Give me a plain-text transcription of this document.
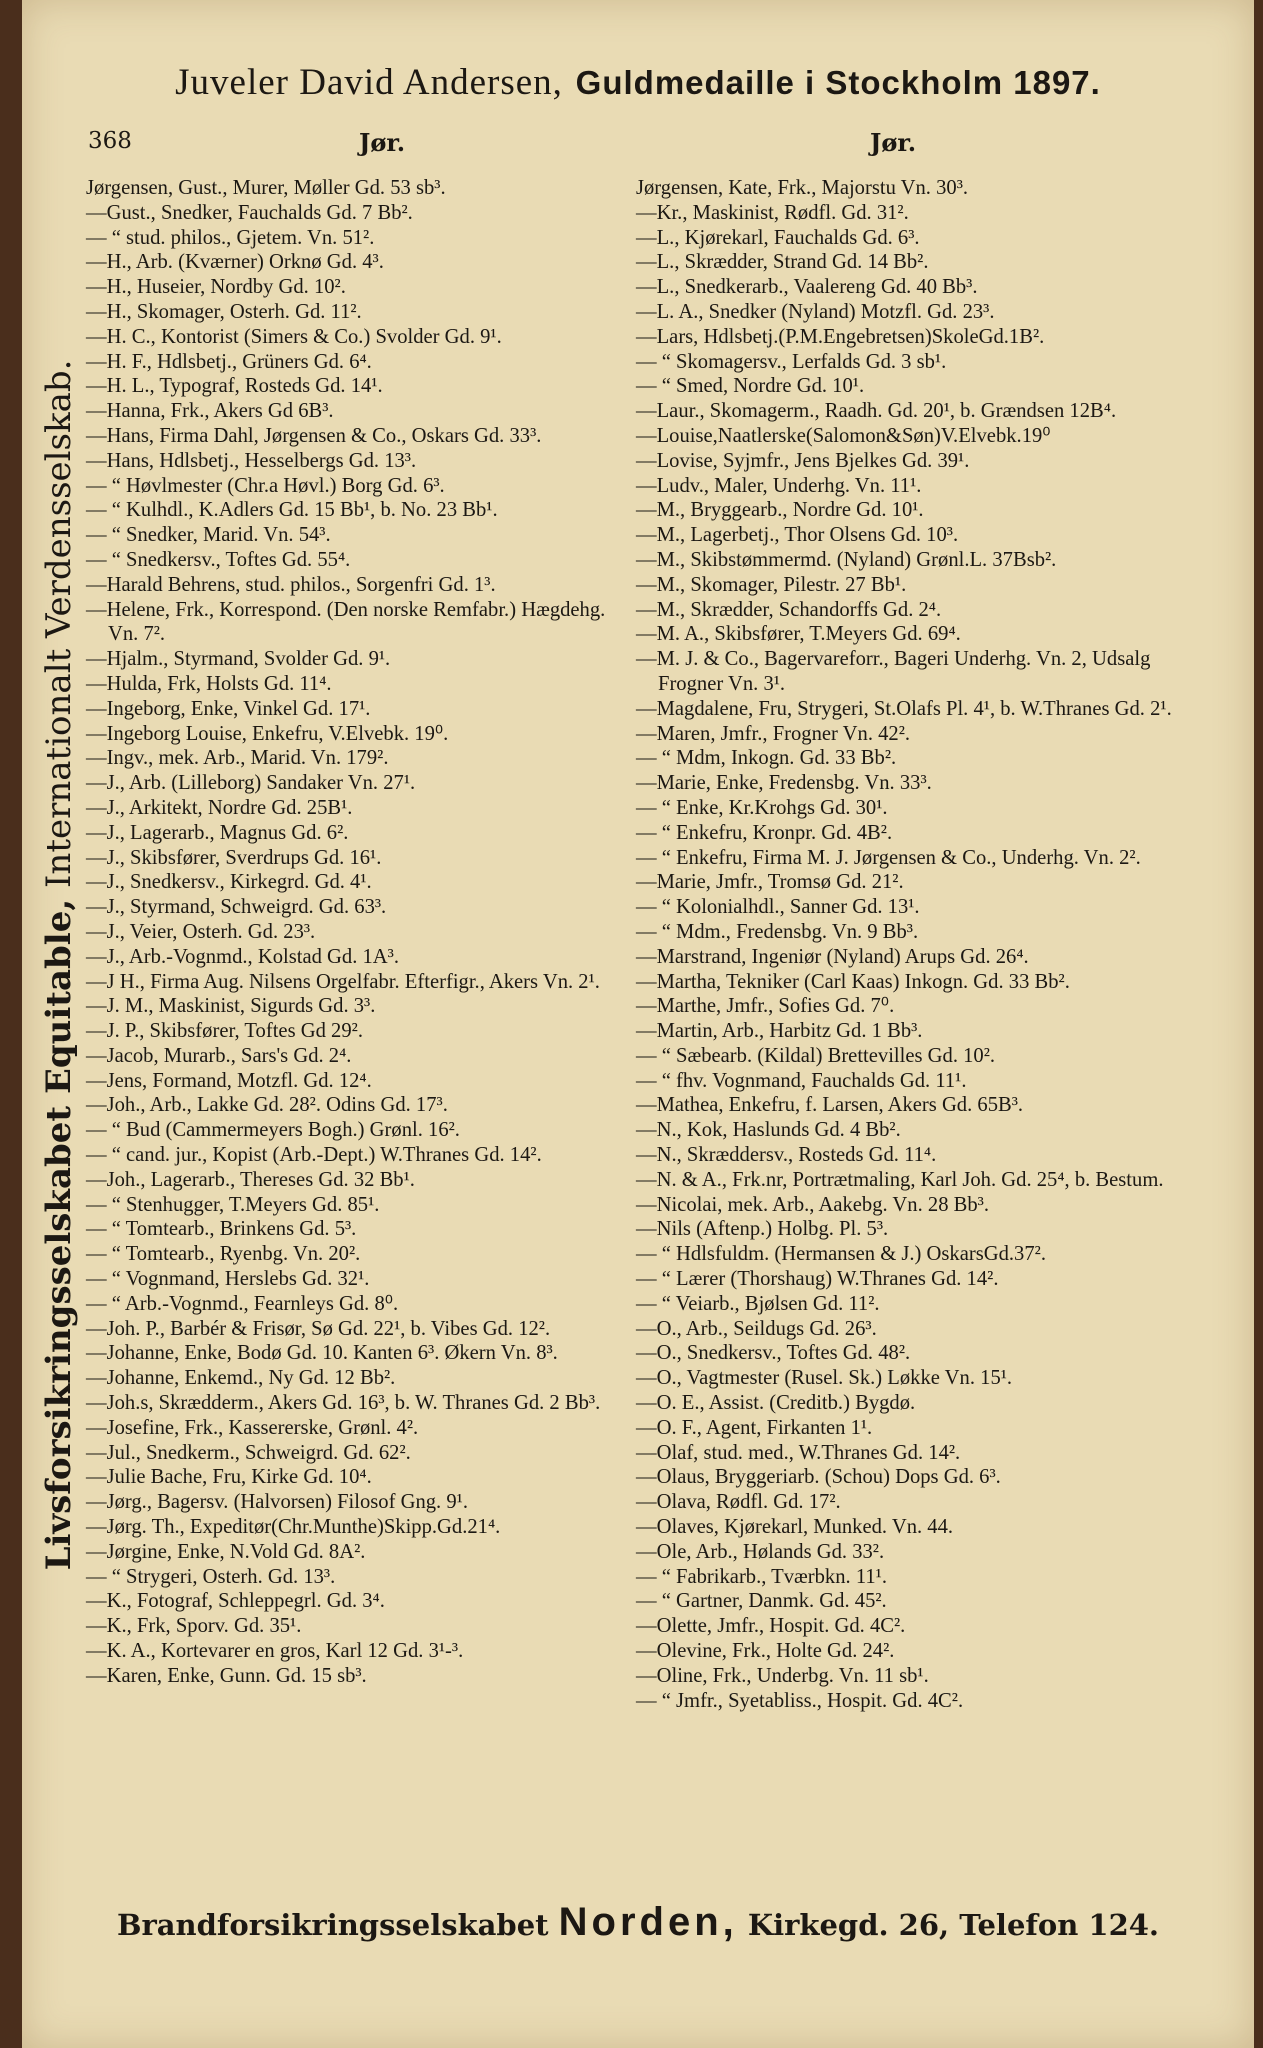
Juveler David Andersen, Guldmedaille i Stockholm 1897.
368	Jør.	Jør.
Livsforsikringsselskabet Equitable, Internationalt Verdensselskab.
Jørgensen, Gust., Murer, Møller Gd. 53 sb³.
—Gust., Snedker, Fauchalds Gd. 7 Bb².
— “ stud. philos., Gjetem. Vn. 51².
—H., Arb. (Kværner) Orknø Gd. 4³.
—H., Huseier, Nordby Gd. 10².
—H., Skomager, Osterh. Gd. 11².
—H. C., Kontorist (Simers & Co.) Svolder Gd. 9¹.
—H. F., Hdlsbetj., Grüners Gd. 6⁴.
—H. L., Typograf, Rosteds Gd. 14¹.
—Hanna, Frk., Akers Gd 6B³.
—Hans, Firma Dahl, Jørgensen & Co., Oskars Gd. 33³.
—Hans, Hdlsbetj., Hesselbergs Gd. 13³.
— “ Høvlmester (Chr.a Høvl.) Borg Gd. 6³.
— “ Kulhdl., K.Adlers Gd. 15 Bb¹, b. No. 23 Bb¹.
— “ Snedker, Marid. Vn. 54³.
— “ Snedkersv., Toftes Gd. 55⁴.
—Harald Behrens, stud. philos., Sorgenfri Gd. 1³.
—Helene, Frk., Korrespond. (Den norske Remfabr.) Hægdehg. Vn. 7².
—Hjalm., Styrmand, Svolder Gd. 9¹.
—Hulda, Frk, Holsts Gd. 11⁴.
—Ingeborg, Enke, Vinkel Gd. 17¹.
—Ingeborg Louise, Enkefru, V.Elvebk. 19⁰.
—Ingv., mek. Arb., Marid. Vn. 179².
—J., Arb. (Lilleborg) Sandaker Vn. 27¹.
—J., Arkitekt, Nordre Gd. 25B¹.
—J., Lagerarb., Magnus Gd. 6².
—J., Skibsfører, Sverdrups Gd. 16¹.
—J., Snedkersv., Kirkegrd. Gd. 4¹.
—J., Styrmand, Schweigrd. Gd. 63³.
—J., Veier, Osterh. Gd. 23³.
—J., Arb.-Vognmd., Kolstad Gd. 1A³.
—J H., Firma Aug. Nilsens Orgelfabr. Efterfigr., Akers Vn. 2¹.
—J. M., Maskinist, Sigurds Gd. 3³.
—J. P., Skibsfører, Toftes Gd 29².
—Jacob, Murarb., Sars's Gd. 2⁴.
—Jens, Formand, Motzfl. Gd. 12⁴.
—Joh., Arb., Lakke Gd. 28². Odins Gd. 17³.
— “ Bud (Cammermeyers Bogh.) Grønl. 16².
— “ cand. jur., Kopist (Arb.-Dept.) W.Thranes Gd. 14².
—Joh., Lagerarb., Thereses Gd. 32 Bb¹.
— “ Stenhugger, T.Meyers Gd. 85¹.
— “ Tomtearb., Brinkens Gd. 5³.
— “ Tomtearb., Ryenbg. Vn. 20².
— “ Vognmand, Herslebs Gd. 32¹.
— “ Arb.-Vognmd., Fearnleys Gd. 8⁰.
—Joh. P., Barbér & Frisør, Sø Gd. 22¹, b. Vibes Gd. 12².
—Johanne, Enke, Bodø Gd. 10. Kanten 6³. Økern Vn. 8³.
—Johanne, Enkemd., Ny Gd. 12 Bb².
—Joh.s, Skrædderm., Akers Gd. 16³, b. W. Thranes Gd. 2 Bb³.
—Josefine, Frk., Kassererske, Grønl. 4².
—Jul., Snedkerm., Schweigrd. Gd. 62².
—Julie Bache, Fru, Kirke Gd. 10⁴.
—Jørg., Bagersv. (Halvorsen) Filosof Gng. 9¹.
—Jørg. Th., Expeditør(Chr.Munthe)Skipp.Gd.21⁴.
—Jørgine, Enke, N.Vold Gd. 8A².
— “ Strygeri, Osterh. Gd. 13³.
—K., Fotograf, Schleppegrl. Gd. 3⁴.
—K., Frk, Sporv. Gd. 35¹.
—K. A., Kortevarer en gros, Karl 12 Gd. 3¹-³.
—Karen, Enke, Gunn. Gd. 15 sb³.
Jørgensen, Kate, Frk., Majorstu Vn. 30³.
—Kr., Maskinist, Rødfl. Gd. 31².
—L., Kjørekarl, Fauchalds Gd. 6³.
—L., Skrædder, Strand Gd. 14 Bb².
—L., Snedkerarb., Vaalereng Gd. 40 Bb³.
—L. A., Snedker (Nyland) Motzfl. Gd. 23³.
—Lars, Hdlsbetj.(P.M.Engebretsen)SkoleGd.1B².
— “ Skomagersv., Lerfalds Gd. 3 sb¹.
— “ Smed, Nordre Gd. 10¹.
—Laur., Skomagerm., Raadh. Gd. 20¹, b. Grændsen 12B⁴.
—Louise,Naatlerske(Salomon&Søn)V.Elvebk.19⁰
—Lovise, Syjmfr., Jens Bjelkes Gd. 39¹.
—Ludv., Maler, Underhg. Vn. 11¹.
—M., Bryggearb., Nordre Gd. 10¹.
—M., Lagerbetj., Thor Olsens Gd. 10³.
—M., Skibstømmermd. (Nyland) Grønl.L. 37Bsb².
—M., Skomager, Pilestr. 27 Bb¹.
—M., Skrædder, Schandorffs Gd. 2⁴.
—M. A., Skibsfører, T.Meyers Gd. 69⁴.
—M. J. & Co., Bagervareforr., Bageri Underhg. Vn. 2, Udsalg Frogner Vn. 3¹.
—Magdalene, Fru, Strygeri, St.Olafs Pl. 4¹, b. W.Thranes Gd. 2¹.
—Maren, Jmfr., Frogner Vn. 42².
— “ Mdm, Inkogn. Gd. 33 Bb².
—Marie, Enke, Fredensbg. Vn. 33³.
— “ Enke, Kr.Krohgs Gd. 30¹.
— “ Enkefru, Kronpr. Gd. 4B².
— “ Enkefru, Firma M. J. Jørgensen & Co., Underhg. Vn. 2².
—Marie, Jmfr., Tromsø Gd. 21².
— “ Kolonialhdl., Sanner Gd. 13¹.
— “ Mdm., Fredensbg. Vn. 9 Bb³.
—Marstrand, Ingeniør (Nyland) Arups Gd. 26⁴.
—Martha, Tekniker (Carl Kaas) Inkogn. Gd. 33 Bb².
—Marthe, Jmfr., Sofies Gd. 7⁰.
—Martin, Arb., Harbitz Gd. 1 Bb³.
— “ Sæbearb. (Kildal) Brettevilles Gd. 10².
— “ fhv. Vognmand, Fauchalds Gd. 11¹.
—Mathea, Enkefru, f. Larsen, Akers Gd. 65B³.
—N., Kok, Haslunds Gd. 4 Bb².
—N., Skræddersv., Rosteds Gd. 11⁴.
—N. & A., Frk.nr, Portrætmaling, Karl Joh. Gd. 25⁴, b. Bestum.
—Nicolai, mek. Arb., Aakebg. Vn. 28 Bb³.
—Nils (Aftenp.) Holbg. Pl. 5³.
— “ Hdlsfuldm. (Hermansen & J.) OskarsGd.37².
— “ Lærer (Thorshaug) W.Thranes Gd. 14².
— “ Veiarb., Bjølsen Gd. 11².
—O., Arb., Seildugs Gd. 26³.
—O., Snedkersv., Toftes Gd. 48².
—O., Vagtmester (Rusel. Sk.) Løkke Vn. 15¹.
—O. E., Assist. (Creditb.) Bygdø.
—O. F., Agent, Firkanten 1¹.
—Olaf, stud. med., W.Thranes Gd. 14².
—Olaus, Bryggeriarb. (Schou) Dops Gd. 6³.
—Olava, Rødfl. Gd. 17².
—Olaves, Kjørekarl, Munked. Vn. 44.
—Ole, Arb., Hølands Gd. 33².
— “ Fabrikarb., Tværbkn. 11¹.
— “ Gartner, Danmk. Gd. 45².
—Olette, Jmfr., Hospit. Gd. 4C².
—Olevine, Frk., Holte Gd. 24².
—Oline, Frk., Underbg. Vn. 11 sb¹.
— “ Jmfr., Syetabliss., Hospit. Gd. 4C².
Brandforsikringsselskabet Norden, Kirkegd. 26, Telefon 124.
